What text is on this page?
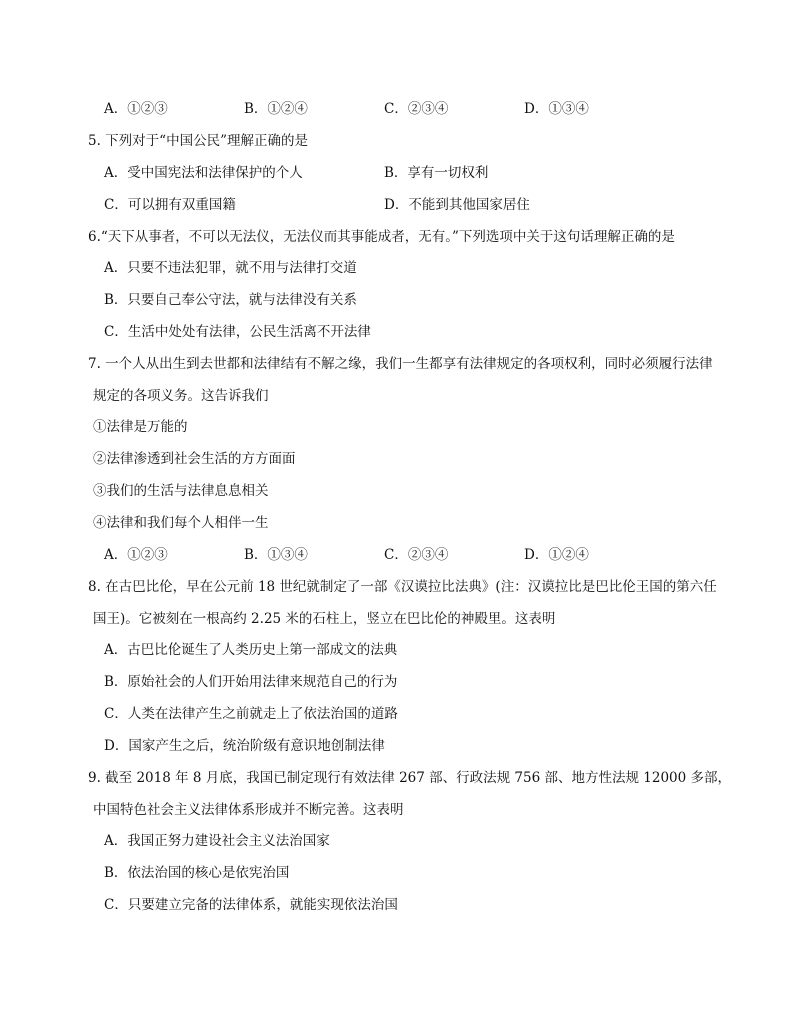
A．①②③	B．①②④	C．②③④	D．①③④
5. 下列对于“中国公民”理解正确的是
A．受中国宪法和法律保护的个人	B．享有一切权利
C．可以拥有双重国籍	D．不能到其他国家居住
6.“天下从事者，不可以无法仪，无法仪而其事能成者，无有。”下列选项中关于这句话理解正确的是
A．只要不违法犯罪，就不用与法律打交道
B．只要自己奉公守法，就与法律没有关系
C．生活中处处有法律，公民生活离不开法律
7. 一个人从出生到去世都和法律结有不解之缘，我们一生都享有法律规定的各项权利，同时必须履行法律
规定的各项义务。这告诉我们
①法律是万能的
②法律渗透到社会生活的方方面面
③我们的生活与法律息息相关
④法律和我们每个人相伴一生
A．①②③	B．①③④	C．②③④	D．①②④
8. 在古巴比伦，早在公元前 18 世纪就制定了一部《汉谟拉比法典》(注：汉谟拉比是巴比伦王国的第六任
国王)。它被刻在一根高约 2.25 米的石柱上，竖立在巴比伦的神殿里。这表明
A．古巴比伦诞生了人类历史上第一部成文的法典
B．原始社会的人们开始用法律来规范自己的行为
C．人类在法律产生之前就走上了依法治国的道路
D．国家产生之后，统治阶级有意识地创制法律
9. 截至 2018 年 8 月底，我国已制定现行有效法律 267 部、行政法规 756 部、地方性法规 12000 多部，
中国特色社会主义法律体系形成并不断完善。这表明
A．我国正努力建设社会主义法治国家
B．依法治国的核心是依宪治国
C．只要建立完备的法律体系，就能实现依法治国
